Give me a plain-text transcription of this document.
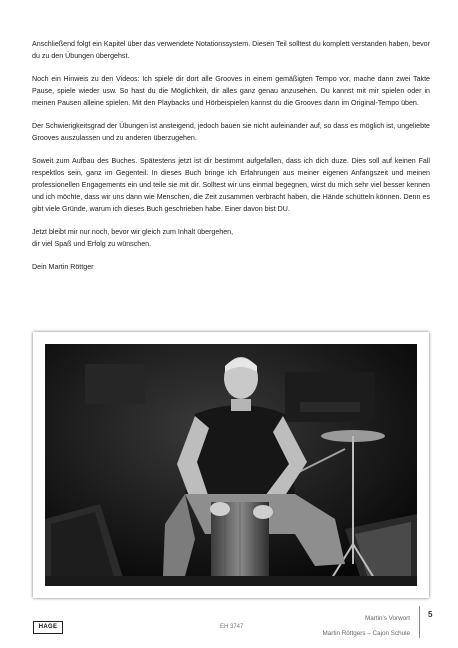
Anschließend folgt ein Kapitel über das verwendete Notationssystem. Diesen Teil solltest du komplett verstanden haben, bevor du zu den Übungen übergehst.

Noch ein Hinweis zu den Videos: Ich spiele dir dort alle Grooves in einem gemäßigten Tempo vor, mache dann zwei Takte Pause, spiele wieder usw. So hast du die Möglichkeit, dir alles ganz genau anzusehen. Du kannst mit mir spielen oder in meinen Pausen alleine spielen. Mit den Playbacks und Hörbeispielen kannst du die Grooves dann im Original-Tempo üben.

Der Schwierigkeitsgrad der Übungen ist ansteigend, jedoch bauen sie nicht aufeinander auf, so dass es möglich ist, ungeliebte Grooves auszulassen und zu anderen überzugehen.

Soweit zum Aufbau des Buches. Spätestens jetzt ist dir bestimmt aufgefallen, dass ich dich duze. Dies soll auf keinen Fall respektlos sein, ganz im Gegenteil. In dieses Buch bringe ich Erfahrungen aus meiner eigenen Anfangszeit und meinen professionellen Engagements ein und teile sie mit dir. Solltest wir uns einmal begegnen, wirst du mich sehr viel besser kennen und ich möchte, dass wir uns dann wie Menschen, die Zeit zusammen verbracht haben, die Hände schütteln können. Denn es gibt viele Gründe, warum ich dieses Buch geschrieben habe. Einer davon bist DU.

Jetzt bleibt mir nur noch, bevor wir gleich zum Inhalt übergehen,
dir viel Spaß und Erfolg zu wünschen.

Dein Martin Röttger

HAGE	EH 3747
Martin's Vorwort
Martin Röttgers – Cajon Schule
5
